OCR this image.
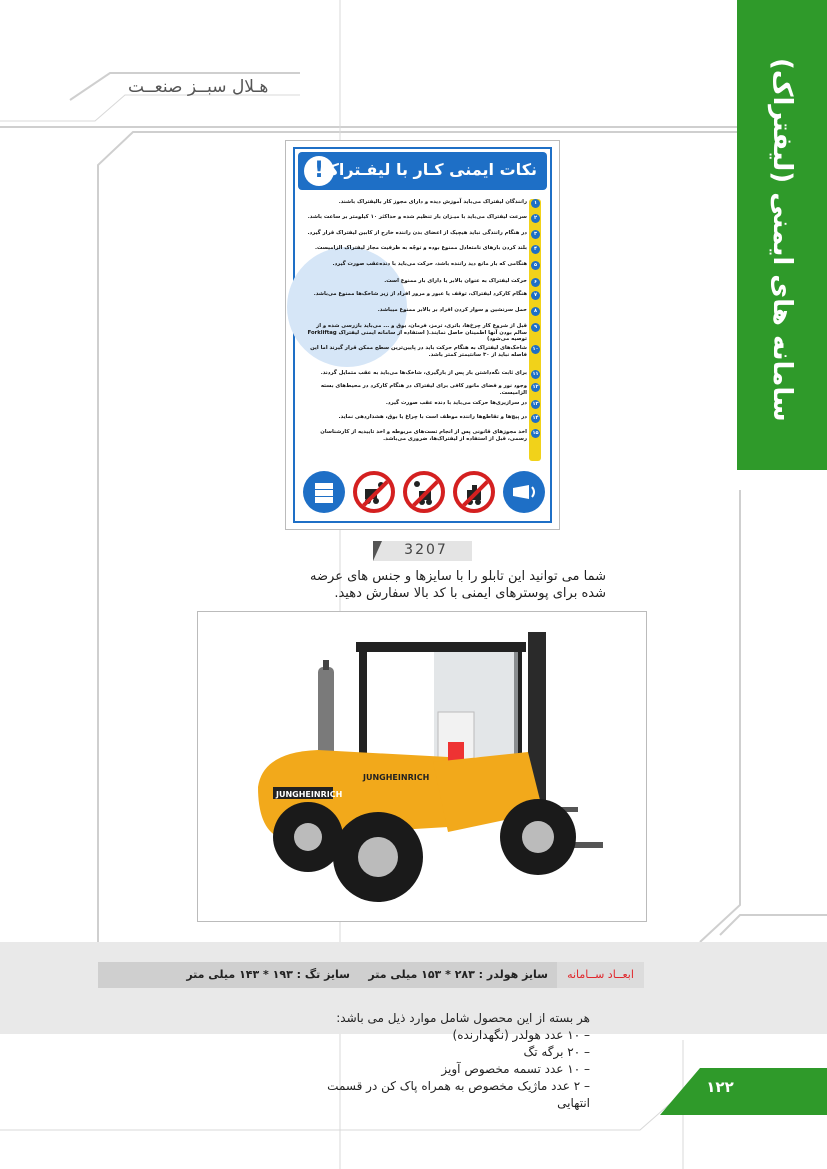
هـلال سبــز صنعــت	سامانه های ایمنی (لیفتراک)
!
نکات ایمنی کـار با لیفـتراک
۱
رانندگان لیفتراک می‌باید آموزش دیده و دارای مجوز کار بالیفتراک باشند.
۲
سرعت لیفتراک می‌باید با میـزان بار تنظیم شده و حداکثر ۱۰ کیلومتر بر ساعت باشد.
۳
در هنگام رانندگی نباید هیچیک از اعضای بدن راننده خارج از کابین لیفتراک قرار گیرد.
۴
بلند کردن بارهای نامتعادل ممنوع بوده و توجّه به ظرفیت مجاز لیفتراک الزامیست.
۵
هنگامی که بار مانع دید راننده باشد، حرکت می‌باید با دنده‌عقب صورت گیرد.
۶
حرکت لیفتراک به عنوان بالابر یا دارای بار ممنوع است.
۷
هنگام کارکرد لیفتراک، توقف یا عبور و مرور افراد از زیر شاخک‌ها ممنوع می‌باشد.
۸
حمل سرنشین و سوار کردن افراد بر بالابر ممنوع میباشد.
۹
قبل از شروع کار چرخ‌ها، باتری، ترمز، فرمان، بوق و ... می‌باید بازرسی شده و از سالم بودن آنها اطمینان حاصل نمایند.( استفاده از سامانه ایمنی لیفتراک Forkliftag توصیه می‌شود)
۱۰
شاخک‌های لیفتراک به هنگام حرکت باید در پایین‌ترین سطح ممکن قرار گیرند اما این فاصله نباید از ۳۰ سانتیمتر کمتر باشد.
۱۱
برای ثابت نگه‌داشتن بار پس از بارگیری، شاخک‌ها می‌باید به عقب متمایل گردند.
۱۲
وجود نور و فضای مانور کافی برای لیفتراک در هنگام کارکرد در محیط‌های بسته الزامیست.
۱۳
در سرازیری‌ها حرکت می‌باید با دنده عقب صورت گیرد.
۱۴
در پیچ‌ها و تقاطع‌ها راننده موظف است با چراغ یا بوق، هشداردهی نماید.
۱۵
اخذ مجوزهای قانونی پس از انجام تست‌های مربوطه و اخذ تاییدیه از کارشناسان رسمی، قبل از استفاده از لیفتراک‌ها، ضروری می‌باشد.
3207
شما می توانید این تابلو را با سایزها و جنس های عرضه شده برای پوسترهای ایمنی با کد بالا سفارش دهید.
JUNGHEINRICH
JUNGHEINRICH
ابعــاد ســامانه
سایز هولدر : ۲۸۳ * ۱۵۳ میلی متر
سایز تگ : ۱۹۳ * ۱۴۳ میلی متر
هر بسته از این محصول شامل موارد ذیل می باشد:
– ۱۰ عدد هولدر (نگهدارنده)
– ۲۰ برگه تگ
– ۱۰ عدد تسمه مخصوص آویز
– ۲ عدد ماژیک مخصوص به همراه پاک کن در قسمت انتهایی
۱۲۲
